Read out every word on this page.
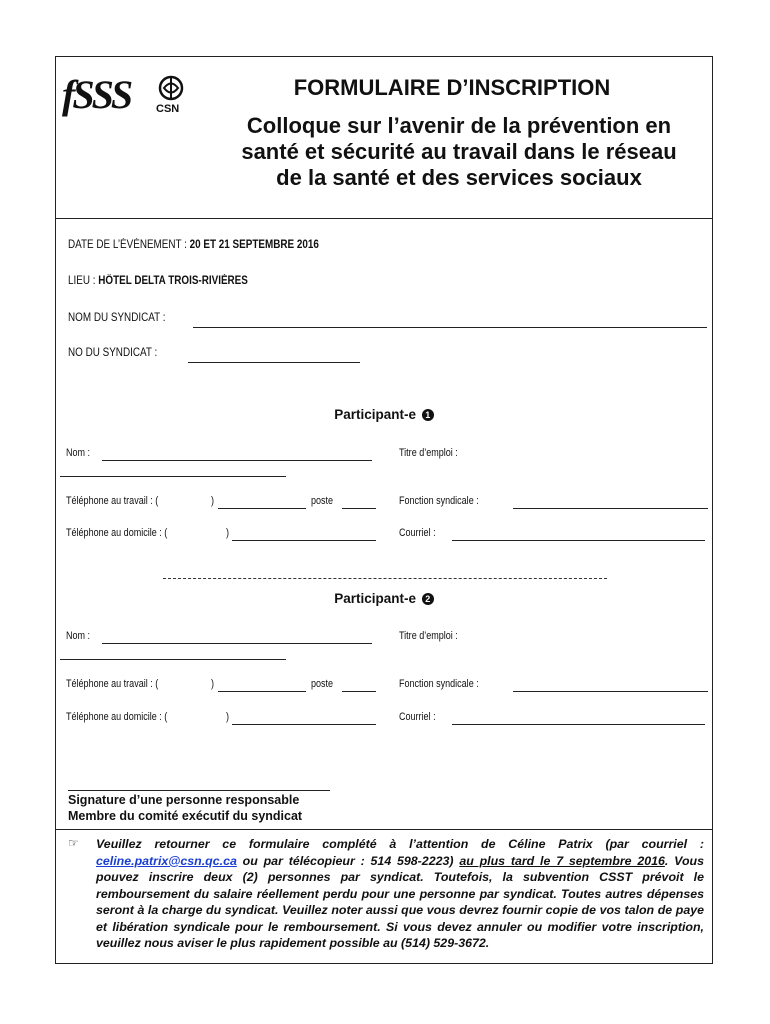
fSSS CSN
FORMULAIRE D’INSCRIPTION
Colloque sur l’avenir de la prévention en
santé et sécurité au travail dans le réseau
de la santé et des services sociaux
DATE DE L’ÉVÉNEMENT : 20 ET 21 SEPTEMBRE 2016
LIEU : HÔTEL DELTA TROIS-RIVIÈRES
NOM DU SYNDICAT :
NO DU SYNDICAT :
Participant-e 1
Nom :	Titre d’emploi :
Téléphone au travail : (	)	poste	Fonction syndicale :
Téléphone au domicile : (	)	Courriel :
Participant-e 2
Nom :	Titre d’emploi :
Téléphone au travail : (	)	poste	Fonction syndicale :
Téléphone au domicile : (	)	Courriel :
Signature d’une personne responsable
Membre du comité exécutif du syndicat
☞ Veuillez retourner ce formulaire complété à l’attention de Céline Patrix (par courriel : celine.patrix@csn.qc.ca ou par télécopieur : 514 598-2223) au plus tard le 7 septembre 2016. Vous pouvez inscrire deux (2) personnes par syndicat. Toutefois, la subvention CSST prévoit le remboursement du salaire réellement perdu pour une personne par syndicat. Toutes autres dépenses seront à la charge du syndicat. Veuillez noter aussi que vous devrez fournir copie de vos talon de paye et libération syndicale pour le remboursement. Si vous devez annuler ou modifier votre inscription, veuillez nous aviser le plus rapidement possible au (514) 529-3672.
